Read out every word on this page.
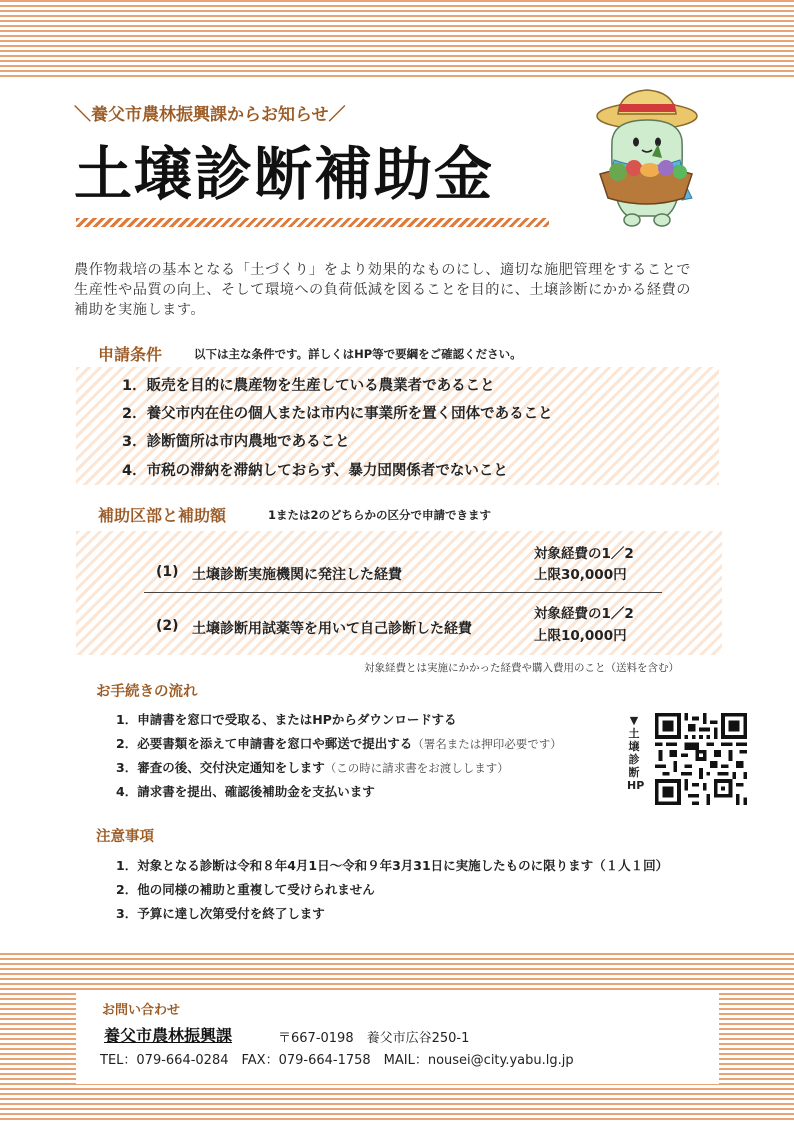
＼養父市農林振興課からお知らせ／
土壌診断補助金
農作物栽培の基本となる「土づくり」をより効果的なものにし、適切な施肥管理をすることで生産性や品質の向上、そして環境への負荷低減を図ることを目的に、土壌診断にかかる経費の補助を実施します。
申請条件	以下は主な条件です。詳しくはHP等で要綱をご確認ください。
1．販売を目的に農産物を生産している農業者であること
2．養父市内在住の個人または市内に事業所を置く団体であること
3．診断箇所は市内農地であること
4．市税の滞納を滞納しておらず、暴力団関係者でないこと
補助区部と補助額	1または2のどちらかの区分で申請できます
(1) 土壌診断実施機関に発注した経費
対象経費の1／2
上限30,000円
(2) 土壌診断用試薬等を用いて自己診断した経費
対象経費の1／2
上限10,000円
対象経費とは実施にかかった経費や購入費用のこと（送料を含む）
お手続きの流れ
1．申請書を窓口で受取る、またはHPからダウンロードする
2．必要書類を添えて申請書を窓口や郵送で提出する（署名または押印必要です）
3．審査の後、交付決定通知をします（この時に請求書をお渡しします）
4．請求書を提出、確認後補助金を支払います
▼土壌診断HP
注意事項
1．対象となる診断は令和８年4月1日～令和９年3月31日に実施したものに限ります（１人１回）
2．他の同様の補助と重複して受けられません
3．予算に達し次第受付を終了します
お問い合わせ
養父市農林振興課	〒667-0198　養父市広谷250-1
TEL：079-664-0284　FAX：079-664-1758　MAIL：nousei@city.yabu.lg.jp
